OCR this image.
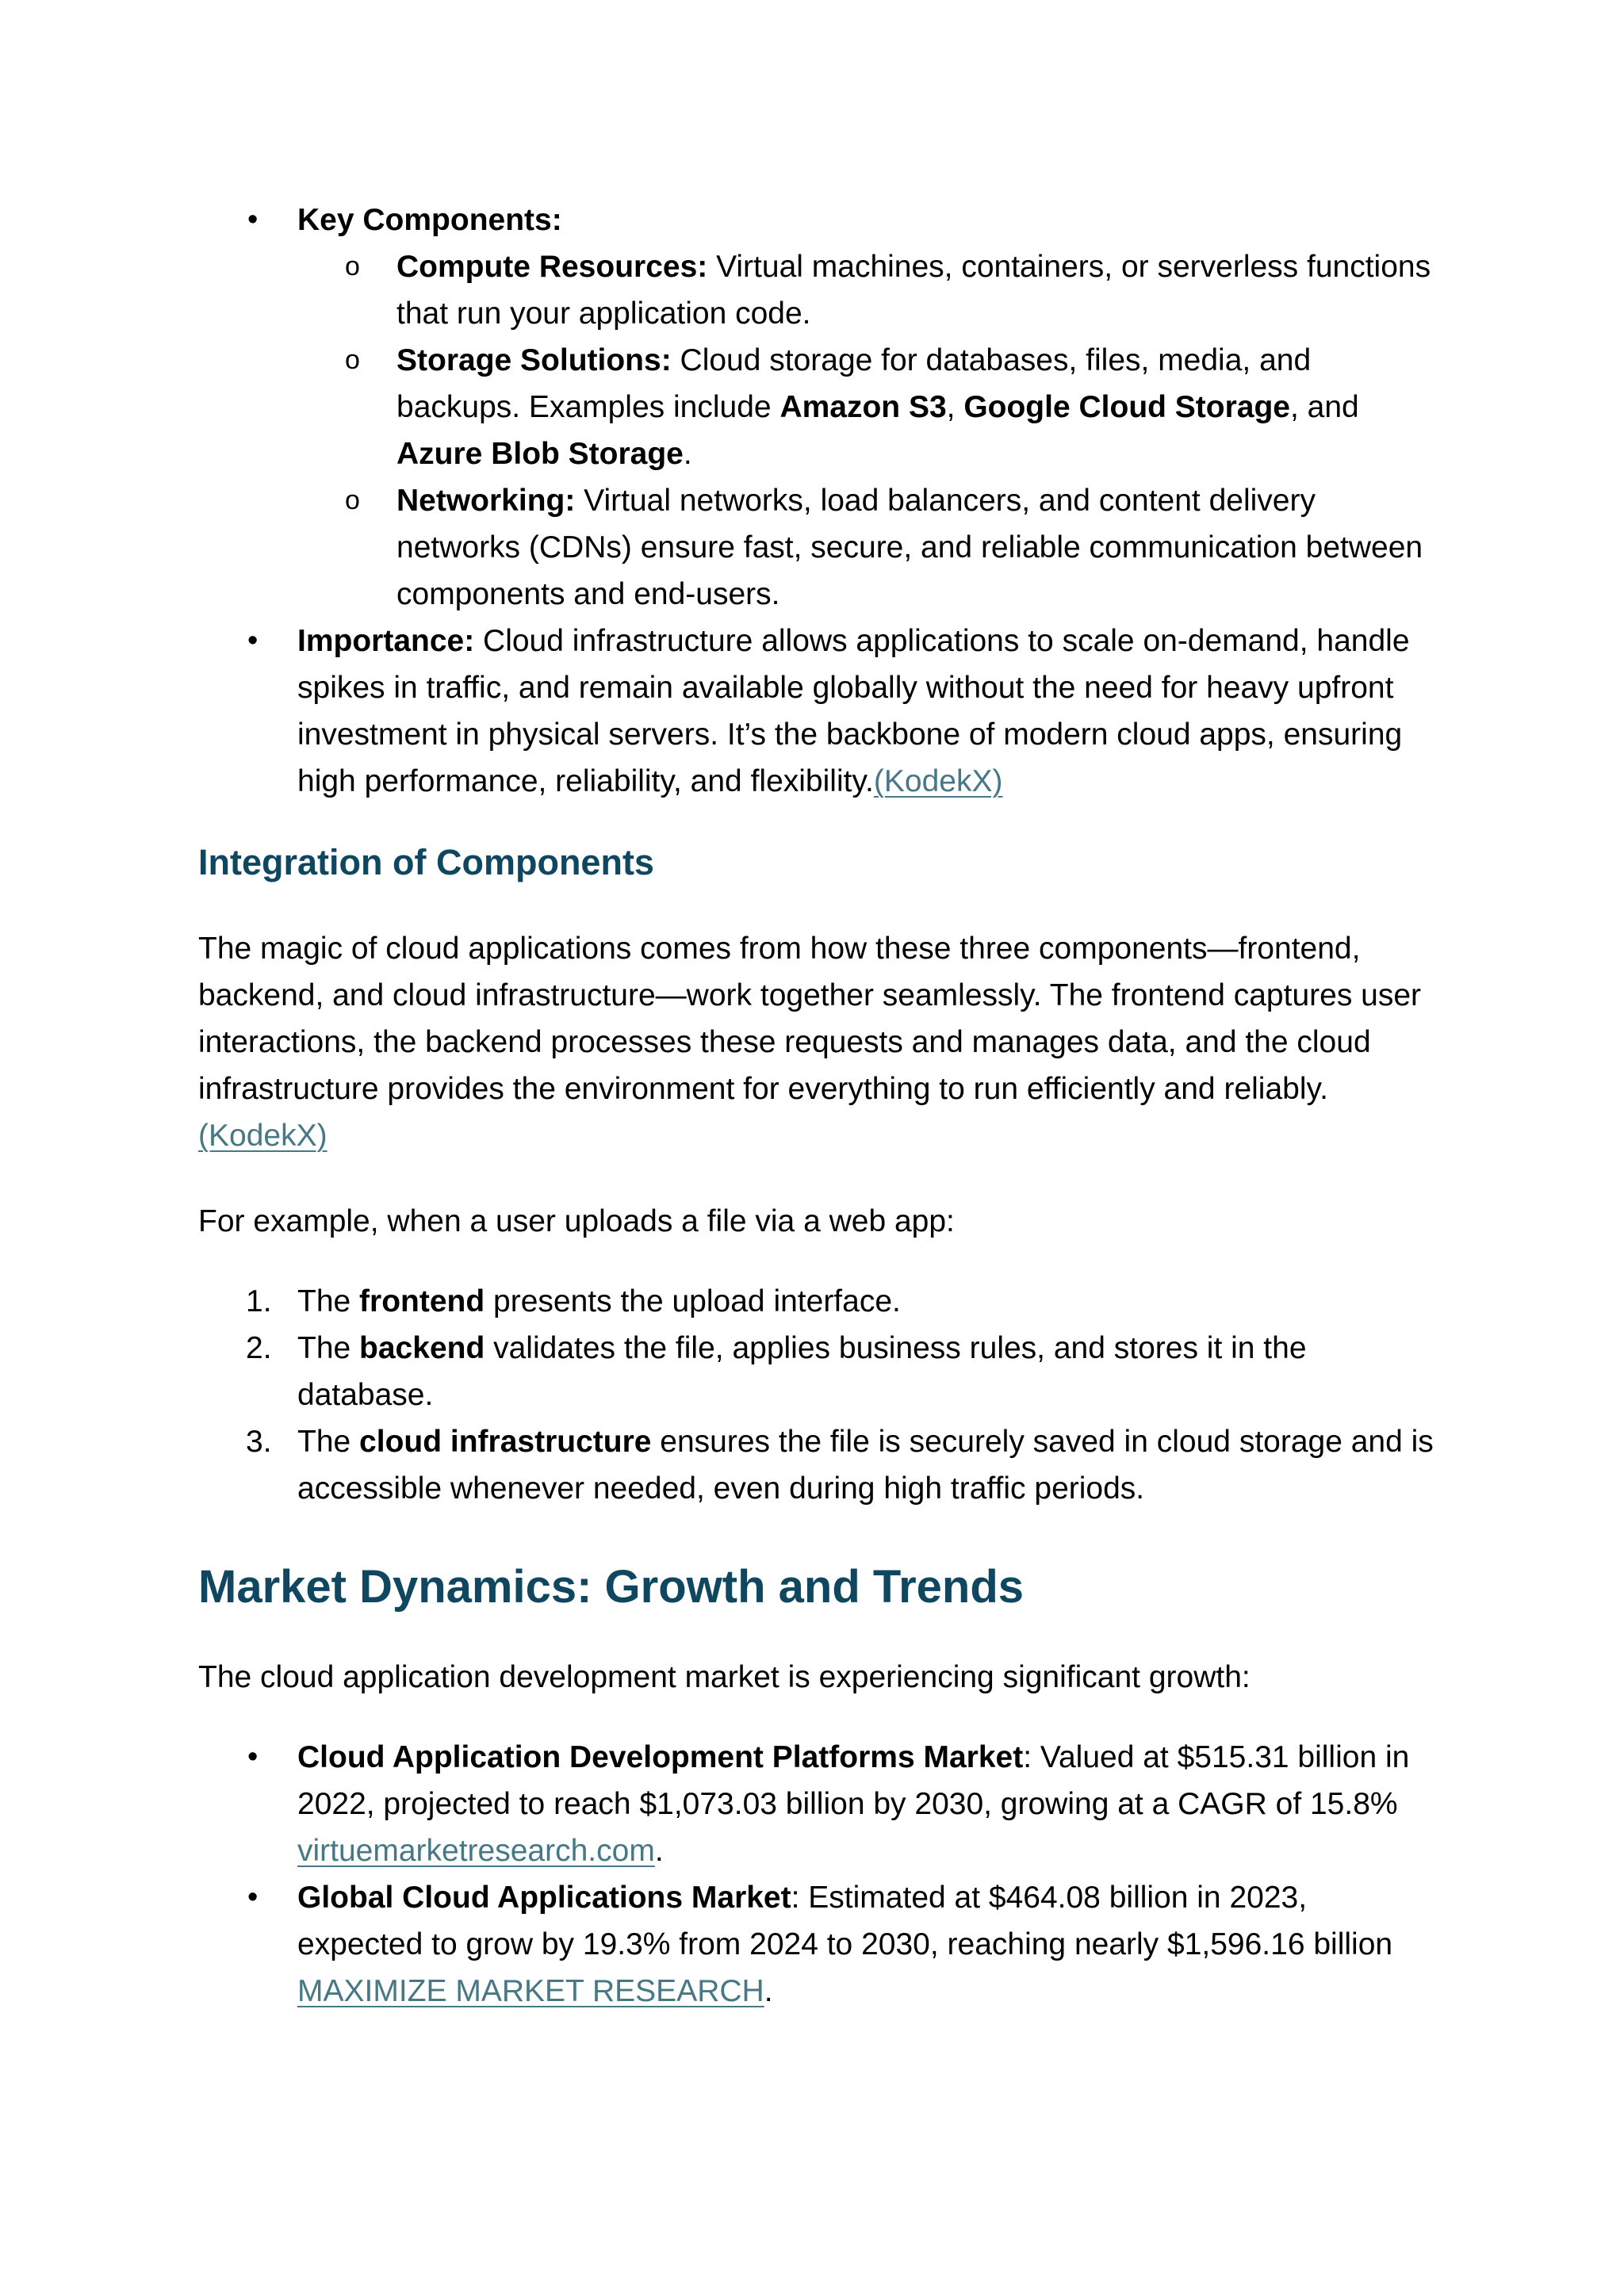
• Key Components:
o Compute Resources: Virtual machines, containers, or serverless functions that run your application code.
o Storage Solutions: Cloud storage for databases, files, media, and backups. Examples include Amazon S3, Google Cloud Storage, and Azure Blob Storage.
o Networking: Virtual networks, load balancers, and content delivery networks (CDNs) ensure fast, secure, and reliable communication between components and end-users.
• Importance: Cloud infrastructure allows applications to scale on-demand, handle spikes in traffic, and remain available globally without the need for heavy upfront investment in physical servers. It’s the backbone of modern cloud apps, ensuring high performance, reliability, and flexibility.(KodekX)
Integration of Components

The magic of cloud applications comes from how these three components—frontend, backend, and cloud infrastructure—work together seamlessly. The frontend captures user interactions, the backend processes these requests and manages data, and the cloud infrastructure provides the environment for everything to run efficiently and reliably. (KodekX)

For example, when a user uploads a file via a web app:

1. The frontend presents the upload interface.
2. The backend validates the file, applies business rules, and stores it in the database.
3. The cloud infrastructure ensures the file is securely saved in cloud storage and is accessible whenever needed, even during high traffic periods.
Market Dynamics: Growth and Trends

The cloud application development market is experiencing significant growth:

• Cloud Application Development Platforms Market: Valued at $515.31 billion in 2022, projected to reach $1,073.03 billion by 2030, growing at a CAGR of 15.8% virtuemarketresearch.com.
• Global Cloud Applications Market: Estimated at $464.08 billion in 2023, expected to grow by 19.3% from 2024 to 2030, reaching nearly $1,596.16 billion MAXIMIZE MARKET RESEARCH.
